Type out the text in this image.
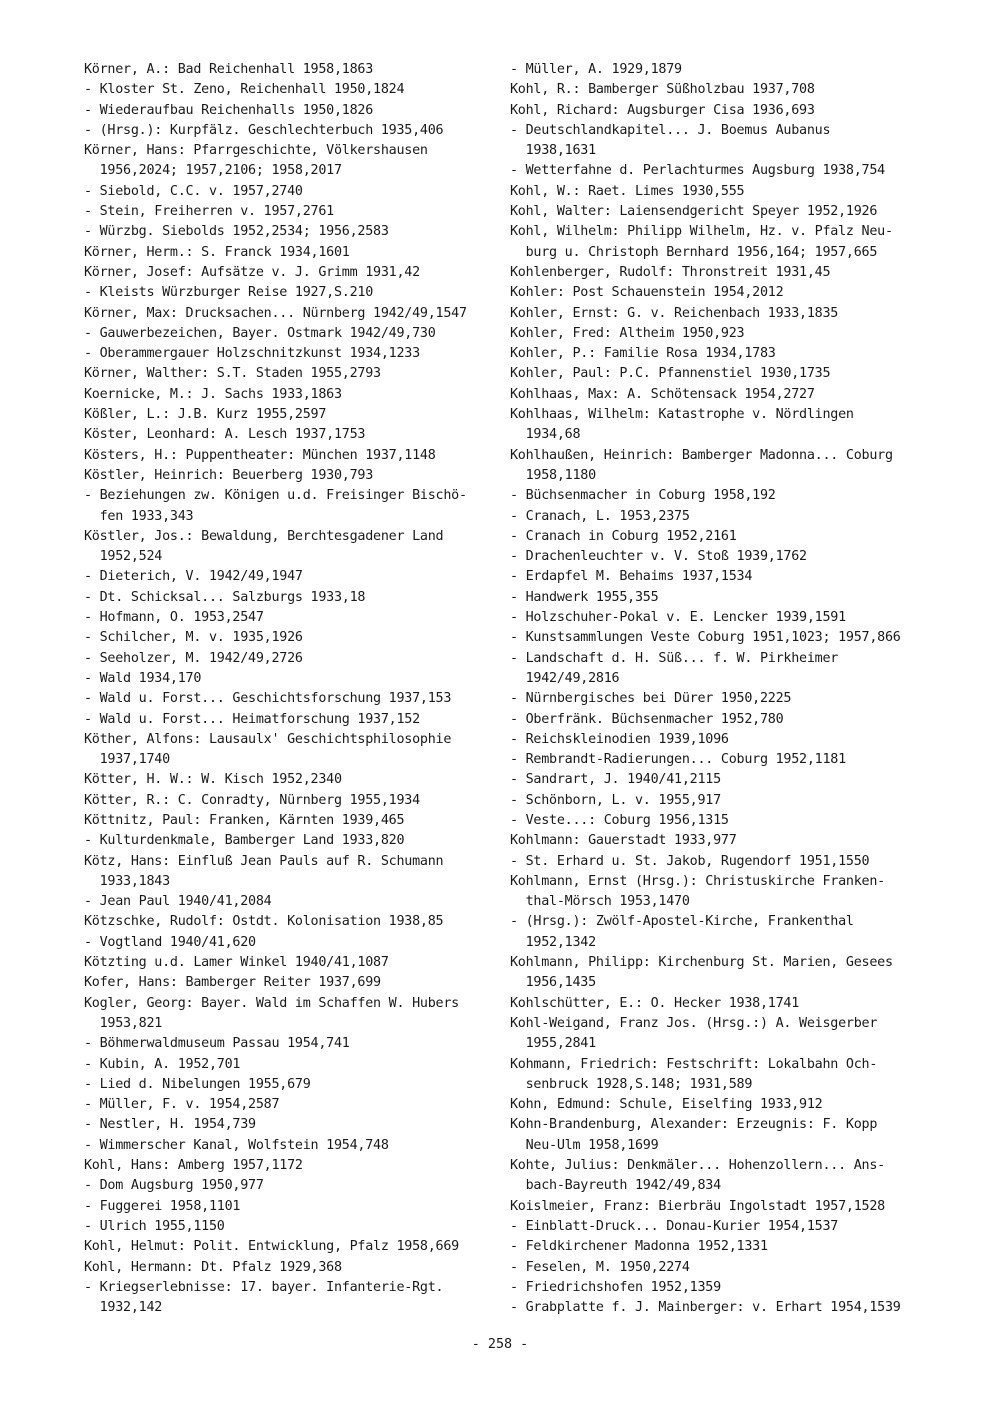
Körner, A.: Bad Reichenhall 1958,1863
- Kloster St. Zeno, Reichenhall 1950,1824
- Wiederaufbau Reichenhalls 1950,1826
- (Hrsg.): Kurpfälz. Geschlechterbuch 1935,406
Körner, Hans: Pfarrgeschichte, Völkershausen
1956,2024; 1957,2106; 1958,2017
- Siebold, C.C. v. 1957,2740
- Stein, Freiherren v. 1957,2761
- Würzbg. Siebolds 1952,2534; 1956,2583
Körner, Herm.: S. Franck 1934,1601
Körner, Josef: Aufsätze v. J. Grimm 1931,42
- Kleists Würzburger Reise 1927,S.210
Körner, Max: Drucksachen... Nürnberg 1942/49,1547
- Gauwerbezeichen, Bayer. Ostmark 1942/49,730
- Oberammergauer Holzschnitzkunst 1934,1233
Körner, Walther: S.T. Staden 1955,2793
Koernicke, M.: J. Sachs 1933,1863
Kößler, L.: J.B. Kurz 1955,2597
Köster, Leonhard: A. Lesch 1937,1753
Kösters, H.: Puppentheater: München 1937,1148
Köstler, Heinrich: Beuerberg 1930,793
- Beziehungen zw. Königen u.d. Freisinger Bischö-
fen 1933,343
Köstler, Jos.: Bewaldung, Berchtesgadener Land
1952,524
- Dieterich, V. 1942/49,1947
- Dt. Schicksal... Salzburgs 1933,18
- Hofmann, O. 1953,2547
- Schilcher, M. v. 1935,1926
- Seeholzer, M. 1942/49,2726
- Wald 1934,170
- Wald u. Forst... Geschichtsforschung 1937,153
- Wald u. Forst... Heimatforschung 1937,152
Köther, Alfons: Lausaulx' Geschichtsphilosophie
1937,1740
Kötter, H. W.: W. Kisch 1952,2340
Kötter, R.: C. Conradty, Nürnberg 1955,1934
Köttnitz, Paul: Franken, Kärnten 1939,465
- Kulturdenkmale, Bamberger Land 1933,820
Kötz, Hans: Einfluß Jean Pauls auf R. Schumann
1933,1843
- Jean Paul 1940/41,2084
Kötzschke, Rudolf: Ostdt. Kolonisation 1938,85
- Vogtland 1940/41,620
Kötzting u.d. Lamer Winkel 1940/41,1087
Kofer, Hans: Bamberger Reiter 1937,699
Kogler, Georg: Bayer. Wald im Schaffen W. Hubers
1953,821
- Böhmerwaldmuseum Passau 1954,741
- Kubin, A. 1952,701
- Lied d. Nibelungen 1955,679
- Müller, F. v. 1954,2587
- Nestler, H. 1954,739
- Wimmerscher Kanal, Wolfstein 1954,748
Kohl, Hans: Amberg 1957,1172
- Dom Augsburg 1950,977
- Fuggerei 1958,1101
- Ulrich 1955,1150
Kohl, Helmut: Polit. Entwicklung, Pfalz 1958,669
Kohl, Hermann: Dt. Pfalz 1929,368
- Kriegserlebnisse: 17. bayer. Infanterie-Rgt.
1932,142
- Müller, A. 1929,1879
Kohl, R.: Bamberger Süßholzbau 1937,708
Kohl, Richard: Augsburger Cisa 1936,693
- Deutschlandkapitel... J. Boemus Aubanus
1938,1631
- Wetterfahne d. Perlachturmes Augsburg 1938,754
Kohl, W.: Raet. Limes 1930,555
Kohl, Walter: Laiensendgericht Speyer 1952,1926
Kohl, Wilhelm: Philipp Wilhelm, Hz. v. Pfalz Neu-
burg u. Christoph Bernhard 1956,164; 1957,665
Kohlenberger, Rudolf: Thronstreit 1931,45
Kohler: Post Schauenstein 1954,2012
Kohler, Ernst: G. v. Reichenbach 1933,1835
Kohler, Fred: Altheim 1950,923
Kohler, P.: Familie Rosa 1934,1783
Kohler, Paul: P.C. Pfannenstiel 1930,1735
Kohlhaas, Max: A. Schötensack 1954,2727
Kohlhaas, Wilhelm: Katastrophe v. Nördlingen
1934,68
Kohlhaußen, Heinrich: Bamberger Madonna... Coburg
1958,1180
- Büchsenmacher in Coburg 1958,192
- Cranach, L. 1953,2375
- Cranach in Coburg 1952,2161
- Drachenleuchter v. V. Stoß 1939,1762
- Erdapfel M. Behaims 1937,1534
- Handwerk 1955,355
- Holzschuher-Pokal v. E. Lencker 1939,1591
- Kunstsammlungen Veste Coburg 1951,1023; 1957,866
- Landschaft d. H. Süß... f. W. Pirkheimer
1942/49,2816
- Nürnbergisches bei Dürer 1950,2225
- Oberfränk. Büchsenmacher 1952,780
- Reichskleinodien 1939,1096
- Rembrandt-Radierungen... Coburg 1952,1181
- Sandrart, J. 1940/41,2115
- Schönborn, L. v. 1955,917
- Veste...: Coburg 1956,1315
Kohlmann: Gauerstadt 1933,977
- St. Erhard u. St. Jakob, Rugendorf 1951,1550
Kohlmann, Ernst (Hrsg.): Christuskirche Franken-
thal-Mörsch 1953,1470
- (Hrsg.): Zwölf-Apostel-Kirche, Frankenthal
1952,1342
Kohlmann, Philipp: Kirchenburg St. Marien, Gesees
1956,1435
Kohlschütter, E.: O. Hecker 1938,1741
Kohl-Weigand, Franz Jos. (Hrsg.:) A. Weisgerber
1955,2841
Kohmann, Friedrich: Festschrift: Lokalbahn Och-
senbruck 1928,S.148; 1931,589
Kohn, Edmund: Schule, Eiselfing 1933,912
Kohn-Brandenburg, Alexander: Erzeugnis: F. Kopp
Neu-Ulm 1958,1699
Kohte, Julius: Denkmäler... Hohenzollern... Ans-
bach-Bayreuth 1942/49,834
Koislmeier, Franz: Bierbräu Ingolstadt 1957,1528
- Einblatt-Druck... Donau-Kurier 1954,1537
- Feldkirchener Madonna 1952,1331
- Feselen, M. 1950,2274
- Friedrichshofen 1952,1359
- Grabplatte f. J. Mainberger: v. Erhart 1954,1539
- 258 -
